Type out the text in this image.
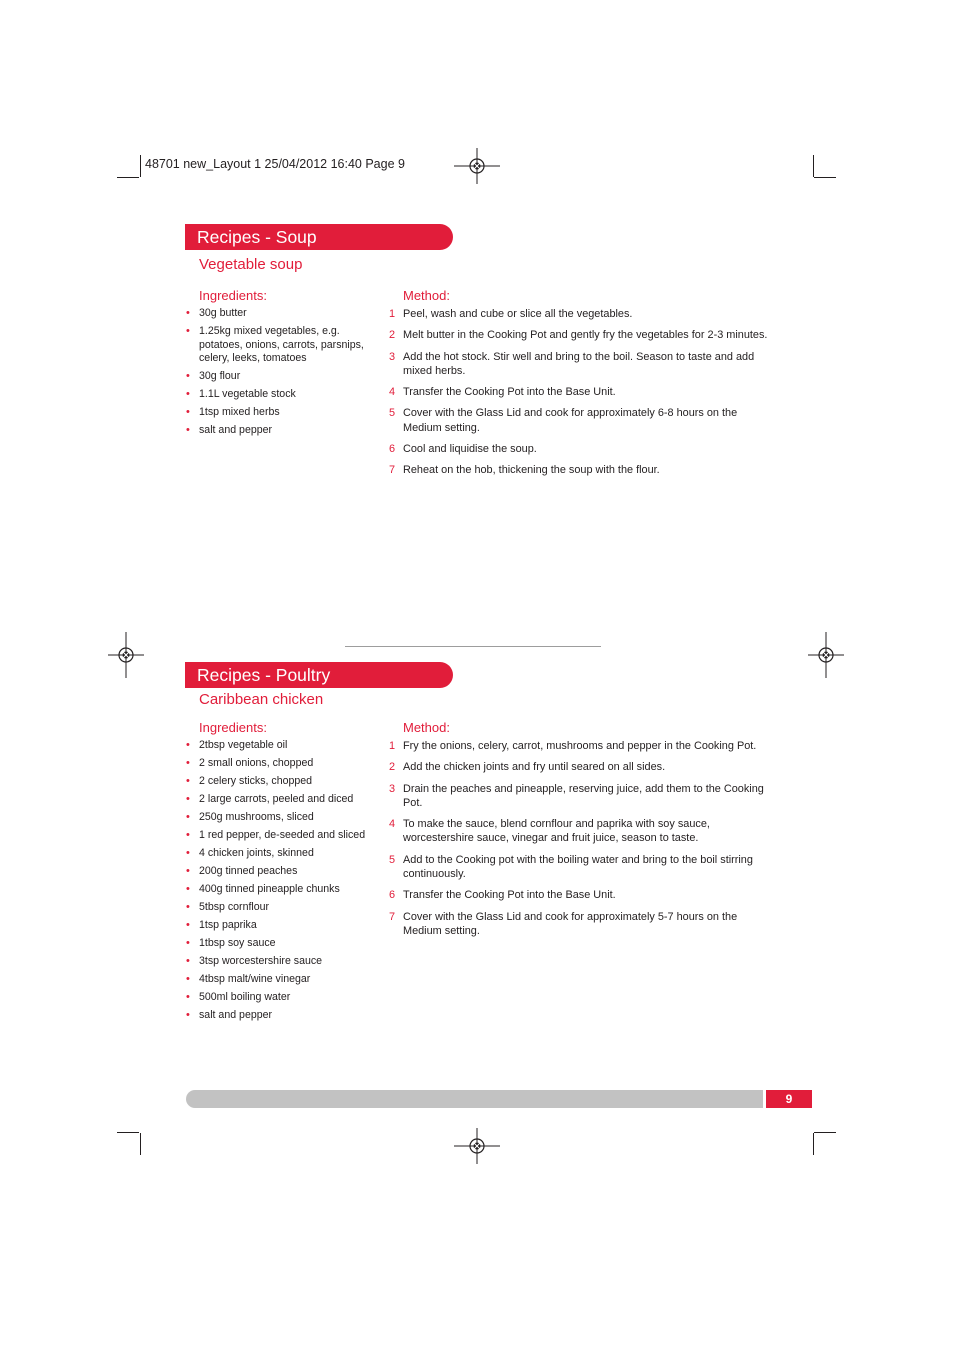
48701 new_Layout 1 25/04/2012 16:40 Page 9
Recipes - Soup
Vegetable soup
Ingredients:	Method:
• 30g butter
• 1.25kg mixed vegetables, e.g. potatoes, onions, carrots, parsnips, celery, leeks, tomatoes
• 30g flour
• 1.1L vegetable stock
• 1tsp mixed herbs
• salt and pepper
1 Peel, wash and cube or slice all the vegetables.
2 Melt butter in the Cooking Pot and gently fry the vegetables for 2-3 minutes.
3 Add the hot stock. Stir well and bring to the boil. Season to taste and add mixed herbs.
4 Transfer the Cooking Pot into the Base Unit.
5 Cover with the Glass Lid and cook for approximately 6-8 hours on the Medium setting.
6 Cool and liquidise the soup.
7 Reheat on the hob, thickening the soup with the flour.
Recipes - Poultry
Caribbean chicken
Ingredients:	Method:
• 2tbsp vegetable oil
• 2 small onions, chopped
• 2 celery sticks, chopped
• 2 large carrots, peeled and diced
• 250g mushrooms, sliced
• 1 red pepper, de-seeded and sliced
• 4 chicken joints, skinned
• 200g tinned peaches
• 400g tinned pineapple chunks
• 5tbsp cornflour
• 1tsp paprika
• 1tbsp soy sauce
• 3tsp worcestershire sauce
• 4tbsp malt/wine vinegar
• 500ml boiling water
• salt and pepper
1 Fry the onions, celery, carrot, mushrooms and pepper in the Cooking Pot.
2 Add the chicken joints and fry until seared on all sides.
3 Drain the peaches and pineapple, reserving juice, add them to the Cooking Pot.
4 To make the sauce, blend cornflour and paprika with soy sauce, worcestershire sauce, vinegar and fruit juice, season to taste.
5 Add to the Cooking pot with the boiling water and bring to the boil stirring continuously.
6 Transfer the Cooking Pot into the Base Unit.
7 Cover with the Glass Lid and cook for approximately 5-7 hours on the Medium setting.
9
